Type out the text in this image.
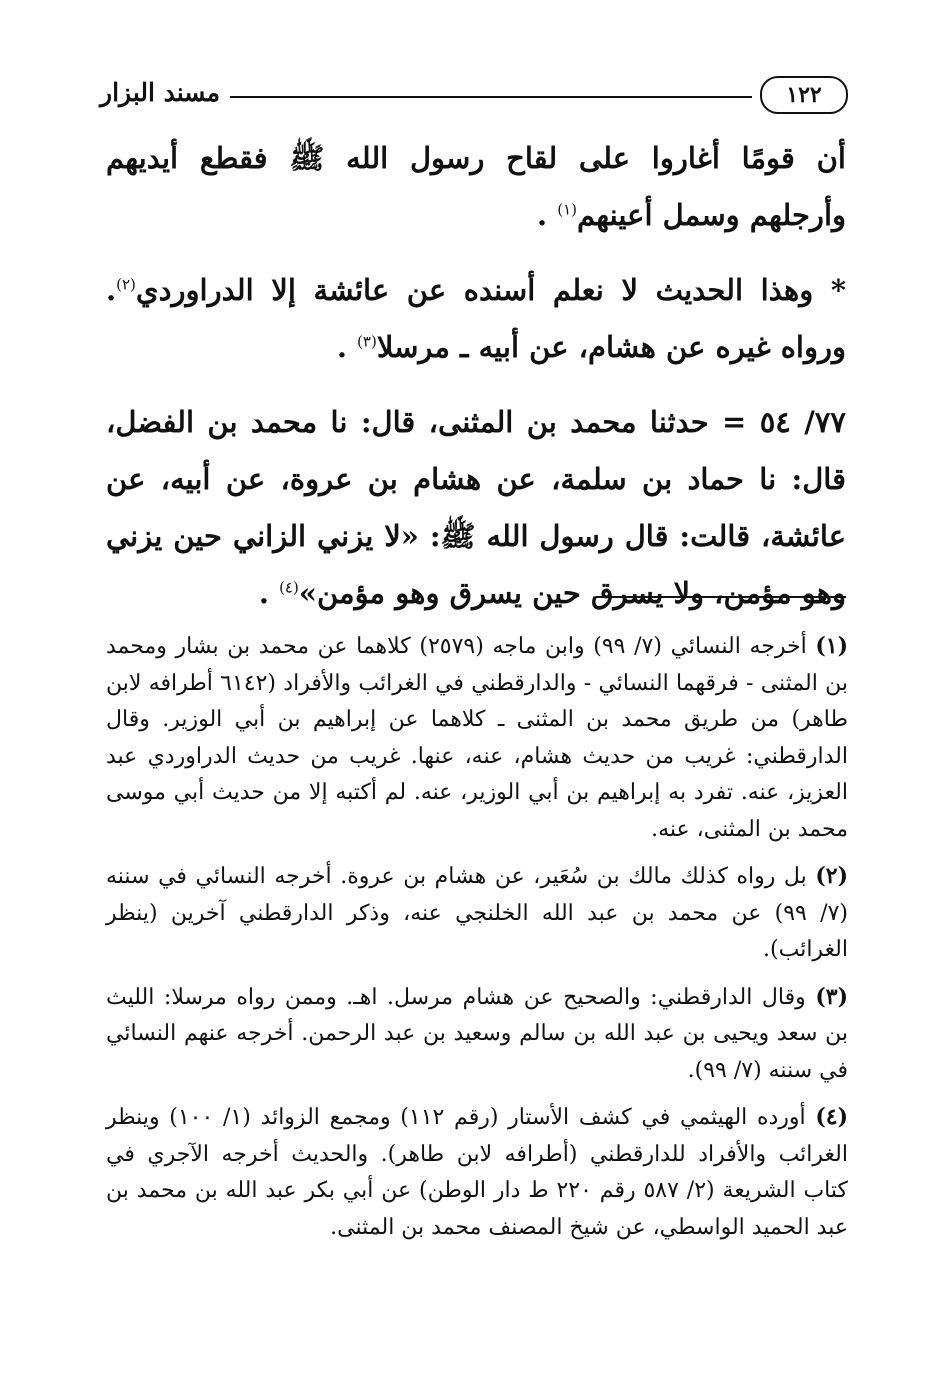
١٢٢
مسند البزار

أن قومًا أغاروا على لقاح رسول الله ﷺ فقطع أيديهم وأرجلهم وسمل أعينهم$^{(١)}$ .

* وهذا الحديث لا نعلم أسنده عن عائشة إلا الدراوردي$^{(٢)}$. ورواه غيره عن هشام، عن أبيه ـ مرسلا$^{(٣)}$ .

٧٧/ ٥٤ = حدثنا محمد بن المثنى، قال: نا محمد بن الفضل، قال: نا حماد بن سلمة، عن هشام بن عروة، عن أبيه، عن عائشة، قالت: قال رسول الله ﷺ: «لا يزني الزاني حين يزني وهو مؤمن، ولا يسرق حين يسرق وهو مؤمن»$^{(٤)}$ .

(١) أخرجه النسائي (٧/ ٩٩) وابن ماجه (٢٥٧٩) كلاهما عن محمد بن بشار ومحمد بن المثنى - فرقهما النسائي - والدارقطني في الغرائب والأفراد (٦١٤٢ أطرافه لابن طاهر) من طريق محمد بن المثنى ـ كلاهما عن إبراهيم بن أبي الوزير. وقال الدارقطني: غريب من حديث هشام، عنه، عنها. غريب من حديث الدراوردي عبد العزيز، عنه. تفرد به إبراهيم بن أبي الوزير، عنه. لم أكتبه إلا من حديث أبي موسى محمد بن المثنى، عنه.

(٢) بل رواه كذلك مالك بن سُعَير، عن هشام بن عروة. أخرجه النسائي في سننه (٧/ ٩٩) عن محمد بن عبد الله الخلنجي عنه، وذكر الدارقطني آخرين (ينظر الغرائب).

(٣) وقال الدارقطني: والصحيح عن هشام مرسل. اهـ. وممن رواه مرسلا: الليث بن سعد ويحيى بن عبد الله بن سالم وسعيد بن عبد الرحمن. أخرجه عنهم النسائي في سننه (٧/ ٩٩).

(٤) أورده الهيثمي في كشف الأستار (رقم ١١٢) ومجمع الزوائد (١/ ١٠٠) وينظر الغرائب والأفراد للدارقطني (أطرافه لابن طاهر). والحديث أخرجه الآجري في كتاب الشريعة (٢/ ٥٨٧ رقم ٢٢٠ ط دار الوطن) عن أبي بكر عبد الله بن محمد بن عبد الحميد الواسطي، عن شيخ المصنف محمد بن المثنى.
